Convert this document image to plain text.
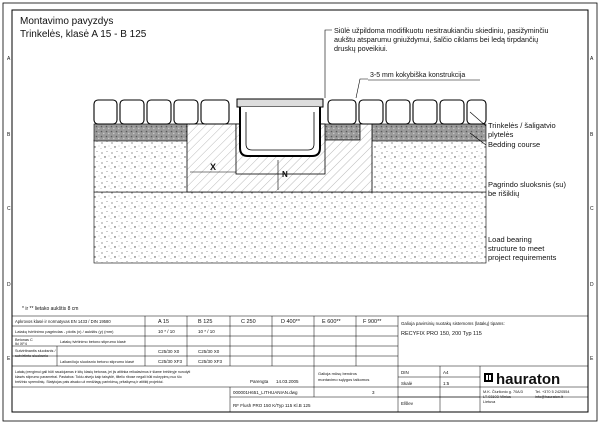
A
B
C
D
E
A
B
C
D
E
Montavimo pavyzdys
Trinkelės, klasė A 15 - B 125
X
N
Siūlė užpildoma modifikuotu nesitraukiančiu skiediniu, pasižyminčiu
aukštu atsparumu gniuždymui, šalčio ciklams bei ledą tirpdančių
druskų poveikiui.
3-5 mm kokybiška konstrukcija
Trinkelės / šaligatvio
plytelės
Bedding course
Pagrindo sluoksnis (su)
be rišiklių
Load bearing
structure to meet
project requirements
* ir ** lietako aukštis 8 cm
Apkrovos klasė ir normatyvas EN 1433 / DIN 19580	A 15	B 125	C 250	D 400**	E 600**	F 900**
Latakų tvirtinimo pagrindas - plotis (x) / aukštis (y) (mm)	10 * / 10	10 * / 10
Betonas C
Iki XF4	Latakų tvirtinimo betono stiprumo klasė
Sutvirtinantis sluoksnis /
sutvirtinto sluoksnio
C25/30 X0	C25/30 X0
Laikančiojo sluoksnio betono stiprumo klasė	C25/30 XF3	C25/30 XF3
Latakų įrengimui gali būti naudojamas ir kitų klasių betonas, jei jis atitinka reikalavimus ir šiame brėžinyje nurodyti
klasės stiprumo parametrai. Pastabos: Tokiu atveju kaip taisyklė, tiltelio ribose negali būti nukrypimų nuo šio
brėžinio sprendinių. Statytojas pats atsako už medžiagų parinkimą, pritaikymą ir atitiktį projektui.
Galioja pavirsinių nuotakų sistemoms (latakų) tipams:
RECYFIX PRO 150, 200 Typ 115
Parengta 14.03.2005
Galioja mūsų bendros
montavimo sąlygos taikomos
000001H651_LITHUANIAN.dwg	3
RF Flush PRO 150 K/Typ 115 Kl.B 125
DIN	A4
Skalė	1:5
Elšlev
hauraton
M.K. Čiurlionio g. 70A/3
LT-03103 Vilnius
Lietuva
Tel. +370 5 2420554
info@hauraton.lt
